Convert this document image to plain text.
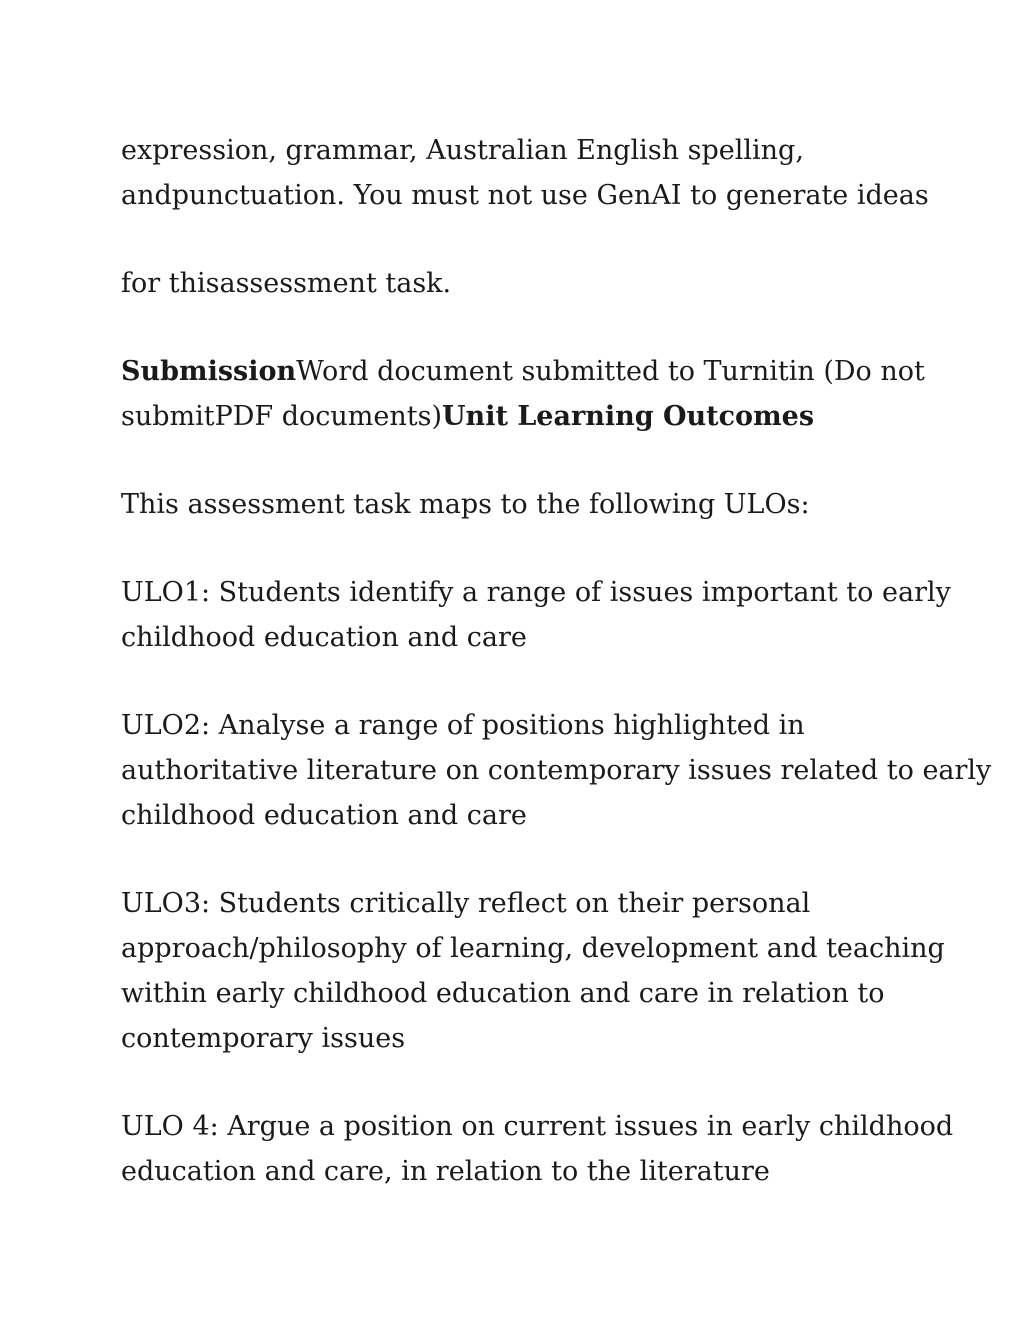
expression, grammar, Australian English spelling,
andpunctuation. You must not use GenAI to generate ideas
for thisassessment task.
SubmissionWord document submitted to Turnitin (Do not
submitPDF documents)Unit Learning Outcomes
This assessment task maps to the following ULOs:
ULO1: Students identify a range of issues important to early
childhood education and care
ULO2: Analyse a range of positions highlighted in
authoritative literature on contemporary issues related to early
childhood education and care
ULO3: Students critically reflect on their personal
approach/philosophy of learning, development and teaching
within early childhood education and care in relation to
contemporary issues
ULO 4: Argue a position on current issues in early childhood
education and care, in relation to the literature
